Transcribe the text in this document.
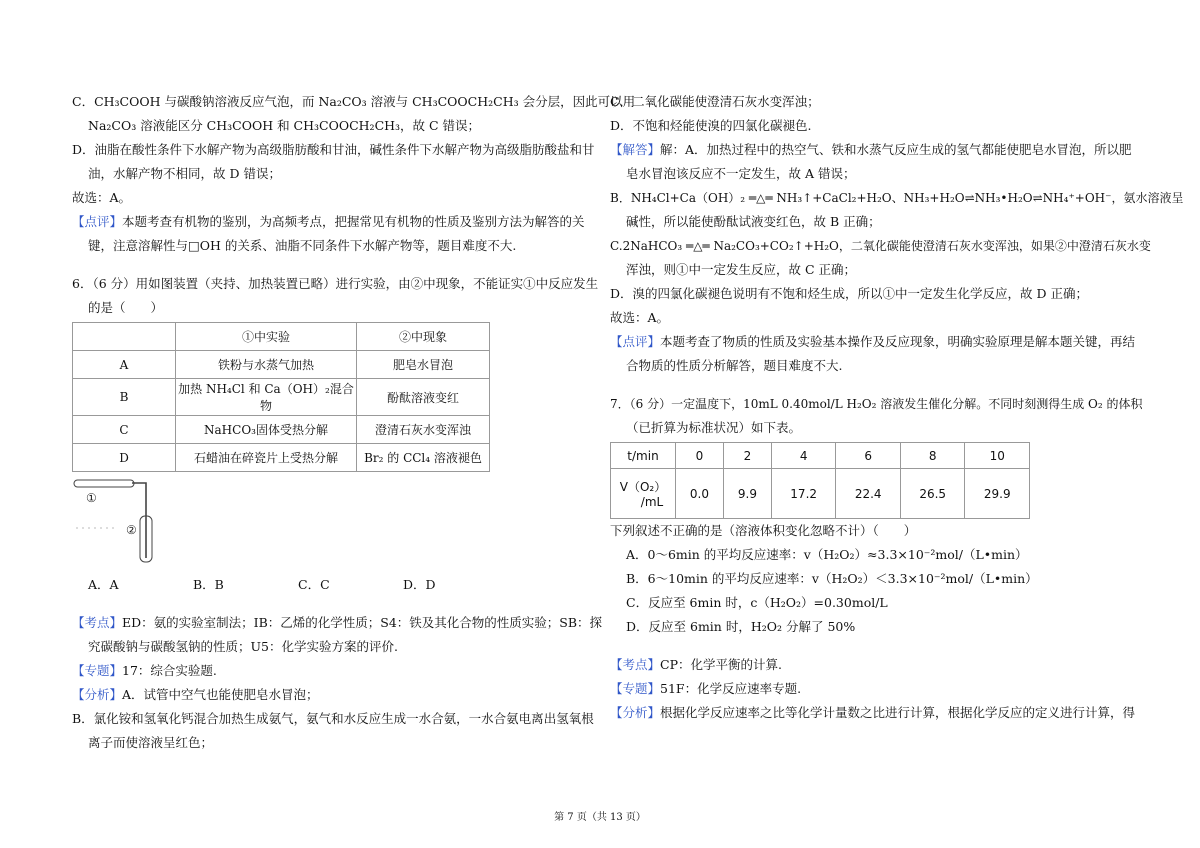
C．CH₃COOH 与碳酸钠溶液反应气泡，而 Na₂CO₃ 溶液与 CH₃COOCH₂CH₃ 会分层，因此可以用
Na₂CO₃ 溶液能区分 CH₃COOH 和 CH₃COOCH₂CH₃，故 C 错误；
D．油脂在酸性条件下水解产物为高级脂肪酸和甘油，碱性条件下水解产物为高级脂肪酸盐和甘
油，水解产物不相同，故 D 错误；
故选：A。
【点评】本题考查有机物的鉴别，为高频考点，把握常见有机物的性质及鉴别方法为解答的关
键，注意溶解性与□OH 的关系、油脂不同条件下水解产物等，题目难度不大.
6．（6 分）用如图装置（夹持、加热装置已略）进行实验，由②中现象，不能证实①中反应发生
的是（　　）
	①中实验	②中现象
A	铁粉与水蒸气加热	肥皂水冒泡
B	加热 NH₄Cl 和 Ca（OH）₂混合物	酚酞溶液变红
C	NaHCO₃固体受热分解	澄清石灰水变浑浊
D	石蜡油在碎瓷片上受热分解	Br₂ 的 CCl₄ 溶液褪色
①
②
A．A	B．B	C．C	D．D
【考点】ED：氨的实验室制法；IB：乙烯的化学性质；S4：铁及其化合物的性质实验；SB：探
究碳酸钠与碳酸氢钠的性质；U5：化学实验方案的评价.
【专题】17：综合实验题.
【分析】A．试管中空气也能使肥皂水冒泡；
B．氯化铵和氢氧化钙混合加热生成氨气，氨气和水反应生成一水合氨，一水合氨电离出氢氧根
离子而使溶液呈红色；
C．二氧化碳能使澄清石灰水变浑浊；
D．不饱和烃能使溴的四氯化碳褪色.
【解答】解：A．加热过程中的热空气、铁和水蒸气反应生成的氢气都能使肥皂水冒泡，所以肥
皂水冒泡该反应不一定发生，故 A 错误；
B．NH₄Cl+Ca（OH）₂ ═△═ NH₃↑+CaCl₂+H₂O、NH₃+H₂O⇌NH₃•H₂O⇌NH₄⁺+OH⁻，氨水溶液呈
碱性，所以能使酚酞试液变红色，故 B 正确；
C.2NaHCO₃ ═△═ Na₂CO₃+CO₂↑+H₂O，二氧化碳能使澄清石灰水变浑浊，如果②中澄清石灰水变
浑浊，则①中一定发生反应，故 C 正确；
D．溴的四氯化碳褪色说明有不饱和烃生成，所以①中一定发生化学反应，故 D 正确；
故选：A。
【点评】本题考查了物质的性质及实验基本操作及反应现象，明确实验原理是解本题关键，再结
合物质的性质分析解答，题目难度不大.
7．（6 分）一定温度下，10mL 0.40mol/L H₂O₂ 溶液发生催化分解。不同时刻测得生成 O₂ 的体积
（已折算为标准状况）如下表。
t/min	0	2	4	6	8	10

V（O₂）
/mL	0.0	9.9	17.2	22.4	26.5	29.9
下列叙述不正确的是（溶液体积变化忽略不计）（　　）
A．0～6min 的平均反应速率：v（H₂O₂）≈3.3×10⁻²mol/（L•min）
B．6～10min 的平均反应速率：v（H₂O₂）＜3.3×10⁻²mol/（L•min）
C．反应至 6min 时，c（H₂O₂）=0.30mol/L
D．反应至 6min 时，H₂O₂ 分解了 50%
【考点】CP：化学平衡的计算.
【专题】51F：化学反应速率专题.
【分析】根据化学反应速率之比等化学计量数之比进行计算，根据化学反应的定义进行计算，得
第 7 页（共 13 页）
